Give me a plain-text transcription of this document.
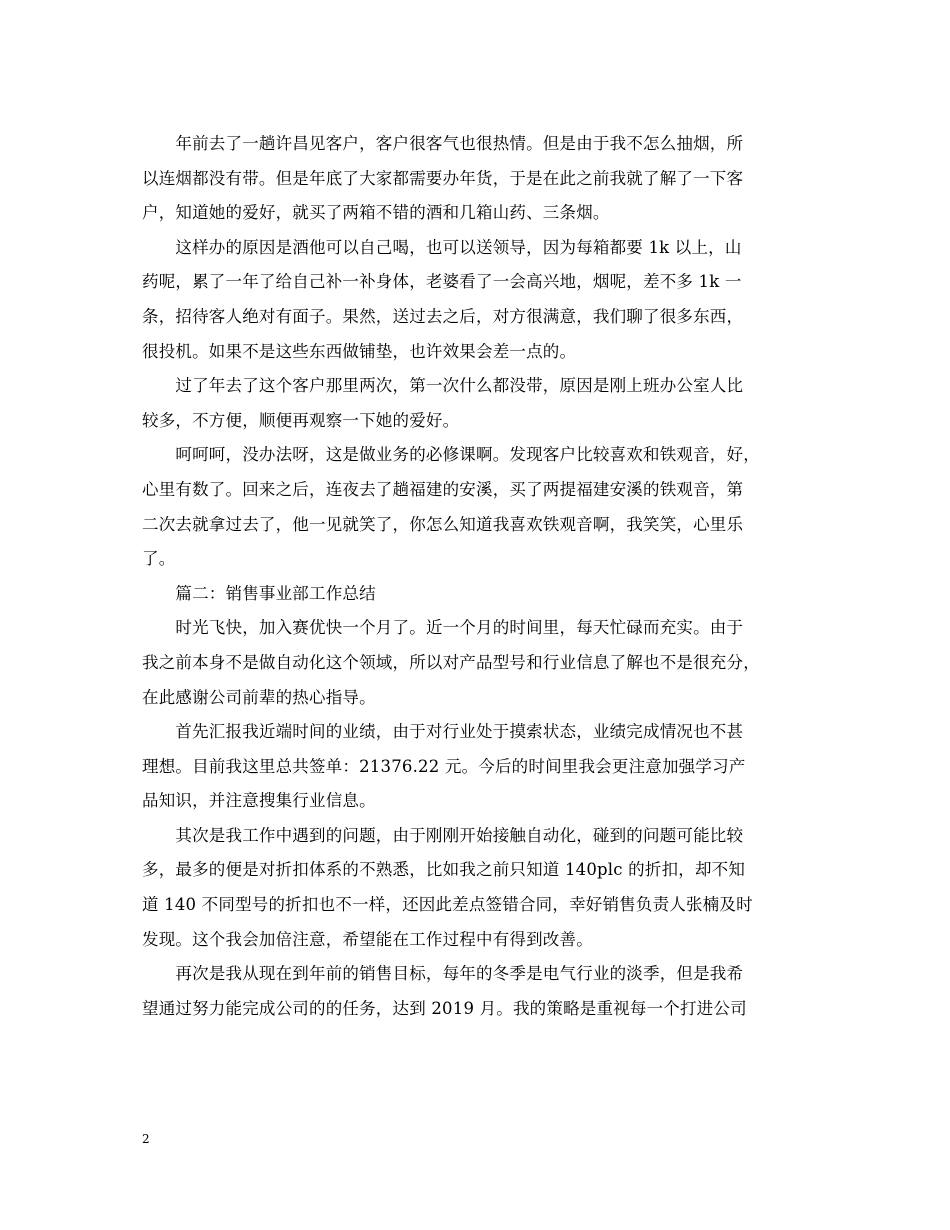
　　年前去了一趟许昌见客户，客户很客气也很热情。但是由于我不怎么抽烟，所
以连烟都没有带。但是年底了大家都需要办年货，于是在此之前我就了解了一下客
户，知道她的爱好，就买了两箱不错的酒和几箱山药、三条烟。
　　这样办的原因是酒他可以自己喝，也可以送领导，因为每箱都要 1k 以上，山
药呢，累了一年了给自己补一补身体，老婆看了一会高兴地，烟呢，差不多 1k 一
条，招待客人绝对有面子。果然，送过去之后，对方很满意，我们聊了很多东西，
很投机。如果不是这些东西做铺垫，也许效果会差一点的。
　　过了年去了这个客户那里两次，第一次什么都没带，原因是刚上班办公室人比
较多，不方便，顺便再观察一下她的爱好。
　　呵呵呵，没办法呀，这是做业务的必修课啊。发现客户比较喜欢和铁观音，好，
心里有数了。回来之后，连夜去了趟福建的安溪，买了两提福建安溪的铁观音，第
二次去就拿过去了，他一见就笑了，你怎么知道我喜欢铁观音啊，我笑笑，心里乐
了。
　　篇二：销售事业部工作总结
　　时光飞快，加入赛优快一个月了。近一个月的时间里，每天忙碌而充实。由于
我之前本身不是做自动化这个领域，所以对产品型号和行业信息了解也不是很充分，
在此感谢公司前辈的热心指导。
　　首先汇报我近端时间的业绩，由于对行业处于摸索状态，业绩完成情况也不甚
理想。目前我这里总共签单：21376.22 元。今后的时间里我会更注意加强学习产
品知识，并注意搜集行业信息。
　　其次是我工作中遇到的问题，由于刚刚开始接触自动化，碰到的问题可能比较
多，最多的便是对折扣体系的不熟悉，比如我之前只知道 140plc 的折扣，却不知
道 140 不同型号的折扣也不一样，还因此差点签错合同，幸好销售负责人张楠及时
发现。这个我会加倍注意，希望能在工作过程中有得到改善。
　　再次是我从现在到年前的销售目标，每年的冬季是电气行业的淡季，但是我希
望通过努力能完成公司的的任务，达到 2019 月。我的策略是重视每一个打进公司
2
